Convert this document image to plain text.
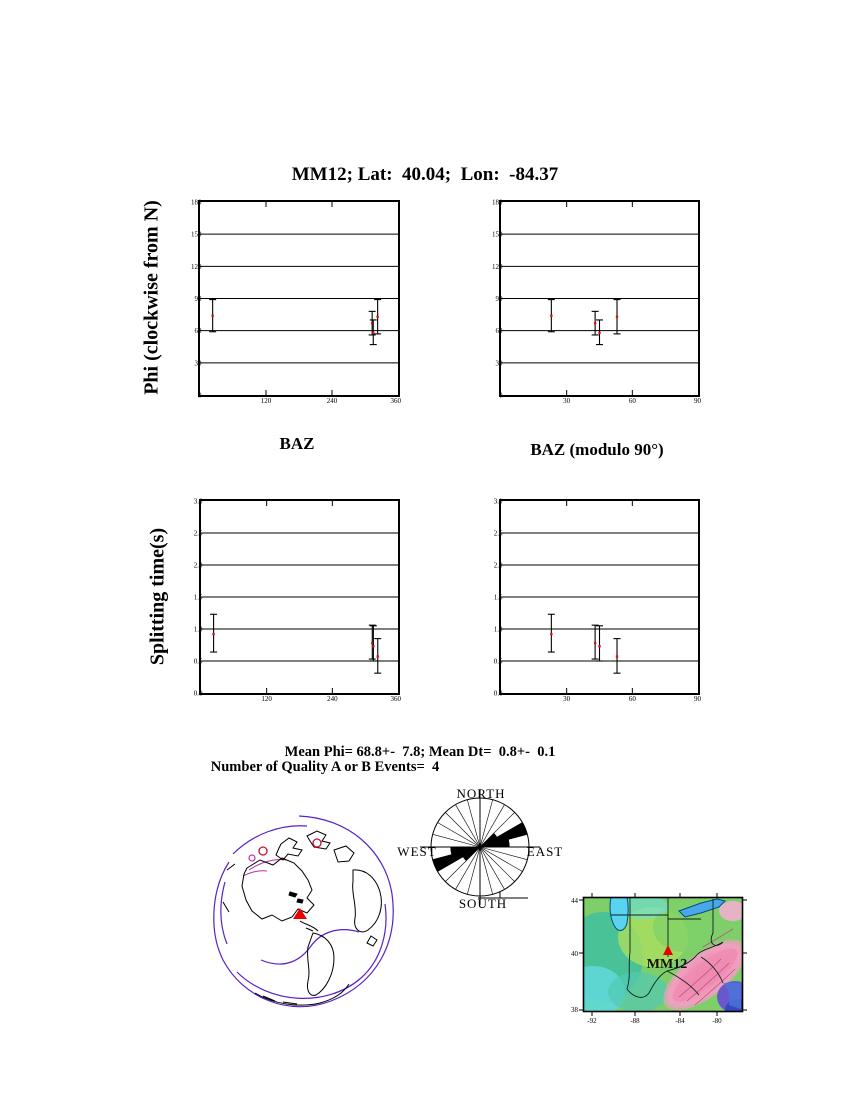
MM12; Lat:  40.04;  Lon:  -84.37
Phi (clockwise from N)
Splitting time(s)
0
30
60
90
120
150
180
120	240	360
0
30
60
90
120
150
180
30	60	90
0.0
0.5
1.0
1.5
2.0
2.5
3.0
120	240	360
0.0
0.5
1.0
1.5
2.0
2.5
3.0
30	60	90
BAZ	BAZ (modulo 90°)
Mean Phi= 68.8+-  7.8; Mean Dt=  0.8+-  0.1
Number of Quality A or B Events=  4
NORTH
SOUTH
WEST	EAST
MM12
44
40
38
-92	-88	-84	-80
